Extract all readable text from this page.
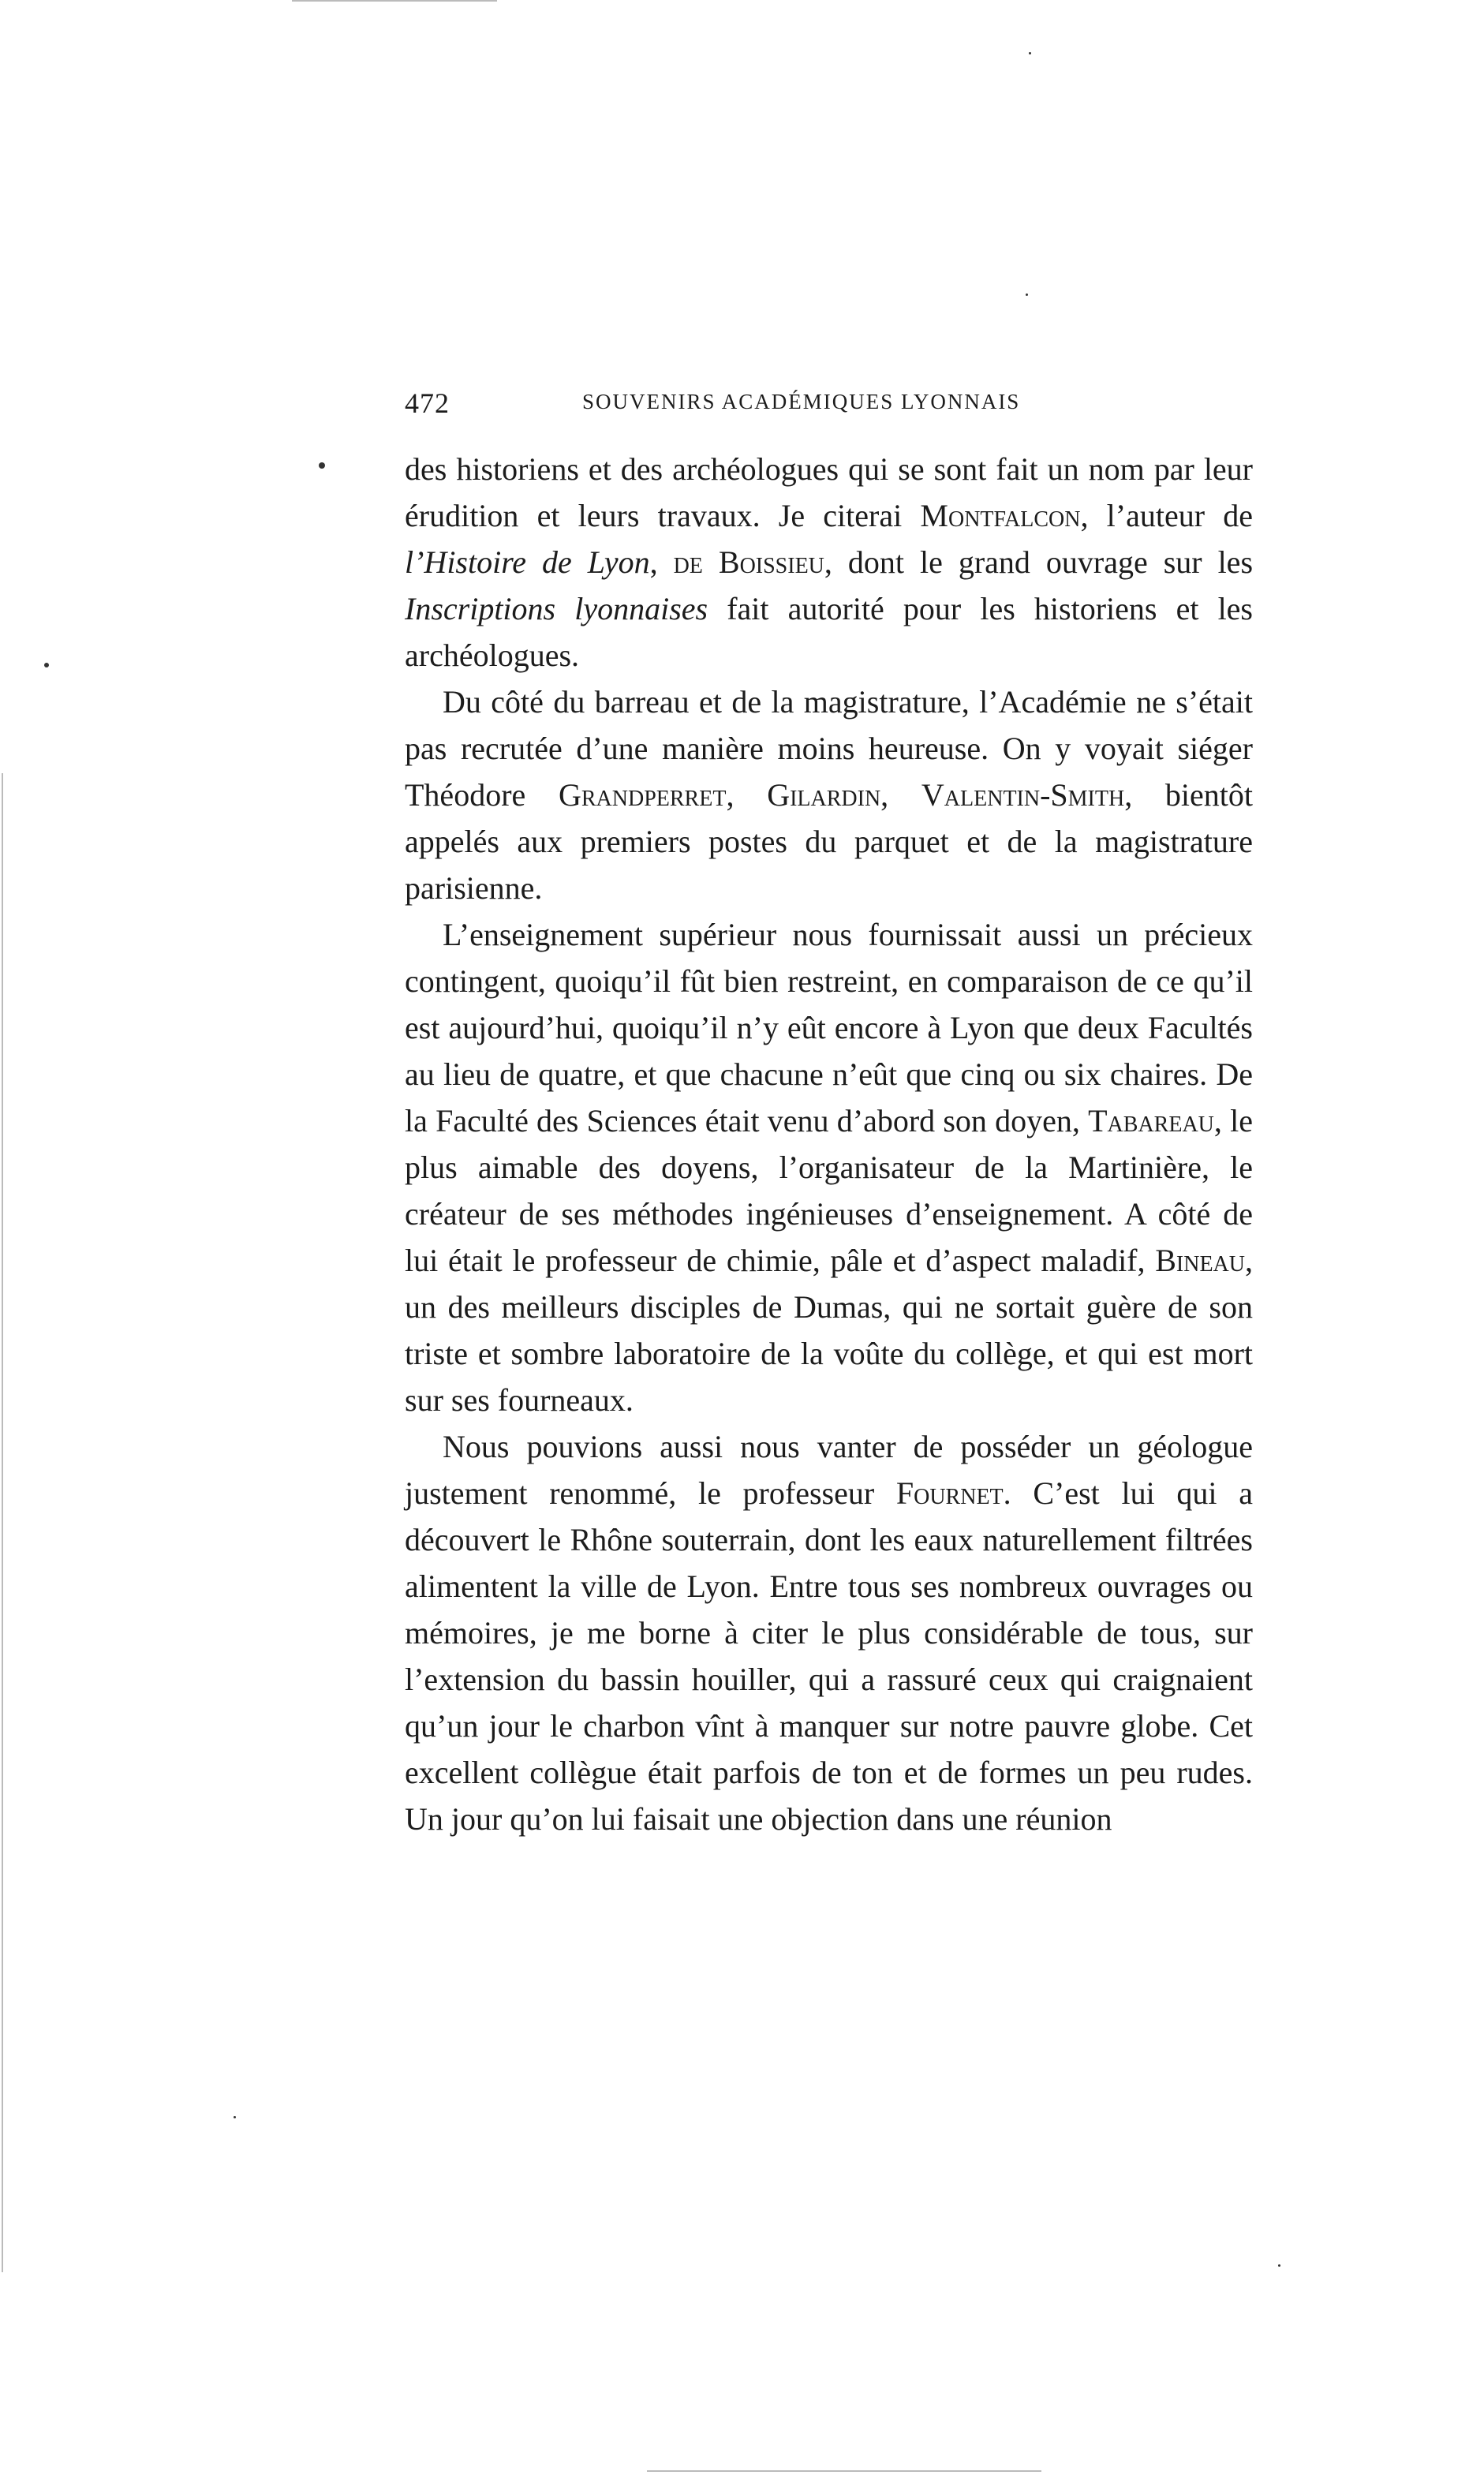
472	SOUVENIRS ACADÉMIQUES LYONNAIS

des historiens et des archéologues qui se sont fait un nom par leur érudition et leurs travaux. Je citerai Montfalcon, l’auteur de l’Histoire de Lyon, de Boissieu, dont le grand ouvrage sur les Inscriptions lyonnaises fait autorité pour les historiens et les archéologues.

Du côté du barreau et de la magistrature, l’Académie ne s’était pas recrutée d’une manière moins heureuse. On y voyait siéger Théodore Grandperret, Gilardin, Valentin-Smith, bientôt appelés aux premiers postes du parquet et de la magistrature parisienne.

L’enseignement supérieur nous fournissait aussi un précieux contingent, quoiqu’il fût bien restreint, en comparaison de ce qu’il est aujourd’hui, quoiqu’il n’y eût encore à Lyon que deux Facultés au lieu de quatre, et que chacune n’eût que cinq ou six chaires. De la Faculté des Sciences était venu d’abord son doyen, Tabareau, le plus aimable des doyens, l’organisateur de la Martinière, le créateur de ses méthodes ingénieuses d’enseignement. A côté de lui était le professeur de chimie, pâle et d’aspect maladif, Bineau, un des meilleurs disciples de Dumas, qui ne sortait guère de son triste et sombre laboratoire de la voûte du collège, et qui est mort sur ses fourneaux.

Nous pouvions aussi nous vanter de posséder un géologue justement renommé, le professeur Fournet. C’est lui qui a découvert le Rhône souterrain, dont les eaux naturellement filtrées alimentent la ville de Lyon. Entre tous ses nombreux ouvrages ou mémoires, je me borne à citer le plus considérable de tous, sur l’extension du bassin houiller, qui a rassuré ceux qui craignaient qu’un jour le charbon vînt à manquer sur notre pauvre globe. Cet excellent collègue était parfois de ton et de formes un peu rudes. Un jour qu’on lui faisait une objection dans une réunion
